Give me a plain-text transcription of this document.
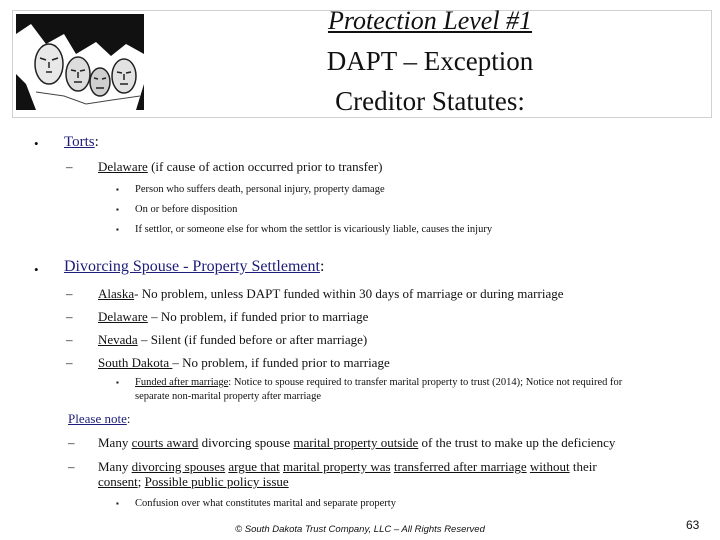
Protection Level #1
DAPT – Exception
Creditor Statutes:
• Torts:
– Delaware (if cause of action occurred prior to transfer)
▪ Person who suffers death, personal injury, property damage
▪ On or before disposition
▪ If settlor, or someone else for whom the settlor is vicariously liable, causes the injury
• Divorcing Spouse - Property Settlement:
– Alaska- No problem, unless DAPT funded within 30 days of marriage or during marriage
– Delaware – No problem, if funded prior to marriage
– Nevada – Silent (if funded before or after marriage)
– South Dakota – No problem, if funded prior to marriage
▪ Funded after marriage: Notice to spouse required to transfer marital property to trust (2014); Notice not required for
separate non-marital property after marriage
Please note:
– Many courts award divorcing spouse marital property outside of the trust to make up the deficiency
– Many divorcing spouses argue that marital property was transferred after marriage without their
consent; Possible public policy issue
▪ Confusion over what constitutes marital and separate property
© South Dakota Trust Company, LLC – All Rights Reserved	63
